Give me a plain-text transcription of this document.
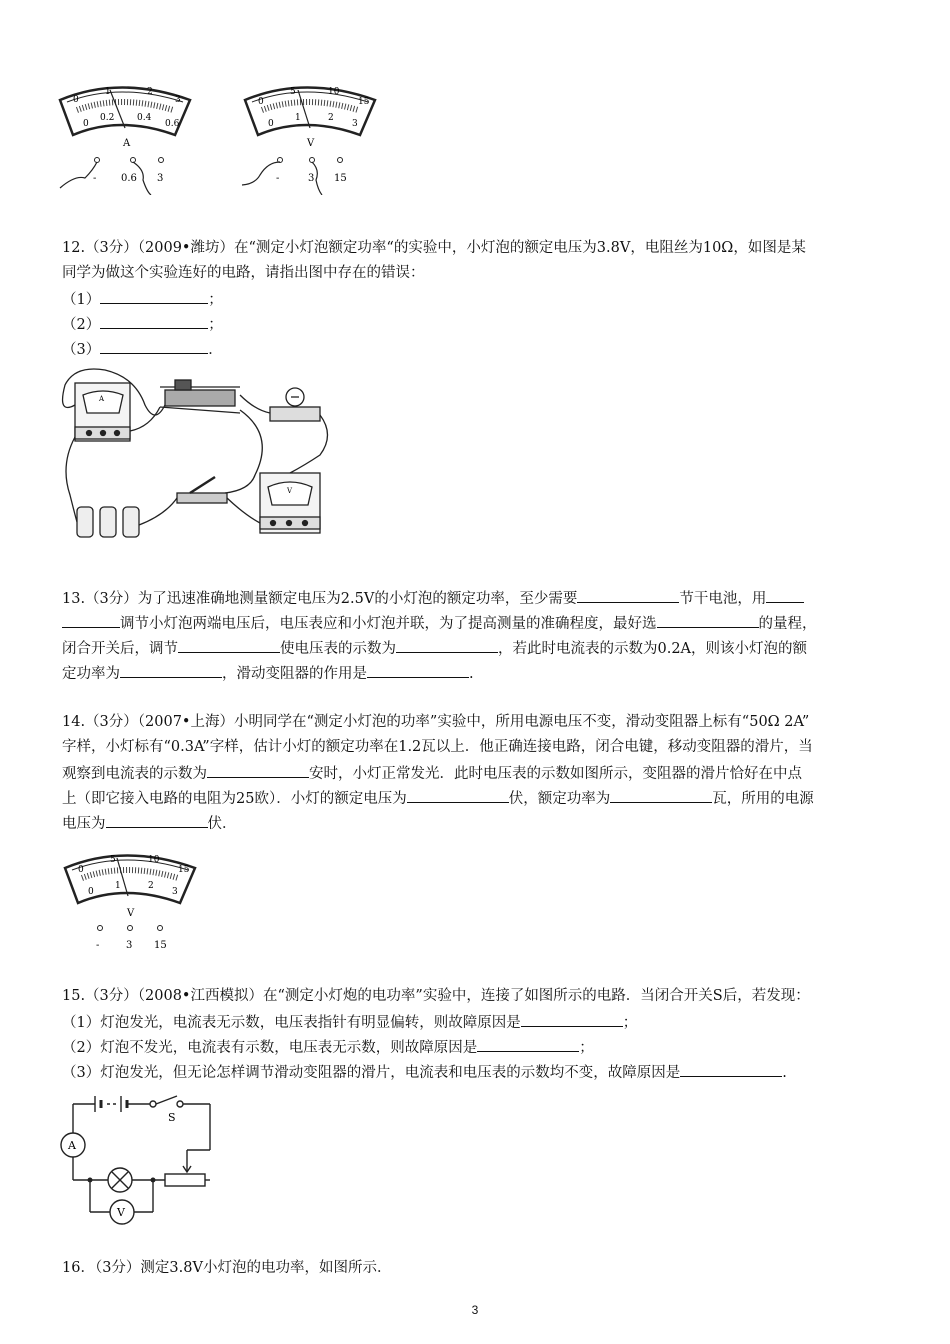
0
1	2
3
0
0.2	0.4
0.6
A
- 0.6 3
0
5	10
15
0
1	2
3
V
-	3 15
12.（3分）（2009•潍坊）在“测定小灯泡额定功率“的实验中，小灯泡的额定电压为3.8V，电阻丝为10Ω，如图是某
同学为做这个实验连好的电路，请指出图中存在的错误：
（1）	；
（2）	；
（3）	．
A
V
13.（3分）为了迅速准确地测量额定电压为2.5V的小灯泡的额定功率，至少需要	节干电池，用
调节小灯泡两端电压后，电压表应和小灯泡并联，为了提高测量的准确程度，最好选	的量程，
闭合开关后，调节	使电压表的示数为	，若此时电流表的示数为0.2A，则该小灯泡的额
定功率为	，滑动变阻器的作用是	.
14.（3分）（2007•上海）小明同学在“测定小灯泡的功率”实验中，所用电源电压不变，滑动变阻器上标有“50Ω 2A”
字样，小灯标有“0.3A”字样，估计小灯的额定功率在1.2瓦以上．他正确连接电路，闭合电键，移动变阻器的滑片，当
观察到电流表的示数为	安时，小灯正常发光．此时电压表的示数如图所示，变阻器的滑片恰好在中点
上（即它接入电路的电阻为25欧）．小灯的额定电压为	伏，额定功率为	瓦，所用的电源
电压为	伏．
0
5	10
15
0
1	2
3
V
-	3 15
15.（3分）（2008•江西模拟）在“测定小灯炮的电功率”实验中，连接了如图所示的电路．当闭合开关S后，若发现：
（1）灯泡发光，电流表无示数，电压表指针有明显偏转，则故障原因是	；
（2）灯泡不发光，电流表有示数，电压表无示数，则故障原因是	；
（3）灯泡发光，但无论怎样调节滑动变阻器的滑片，电流表和电压表的示数均不变，故障原因是	.
S
A
V
16．（3分）测定3.8V小灯泡的电功率，如图所示．
3
